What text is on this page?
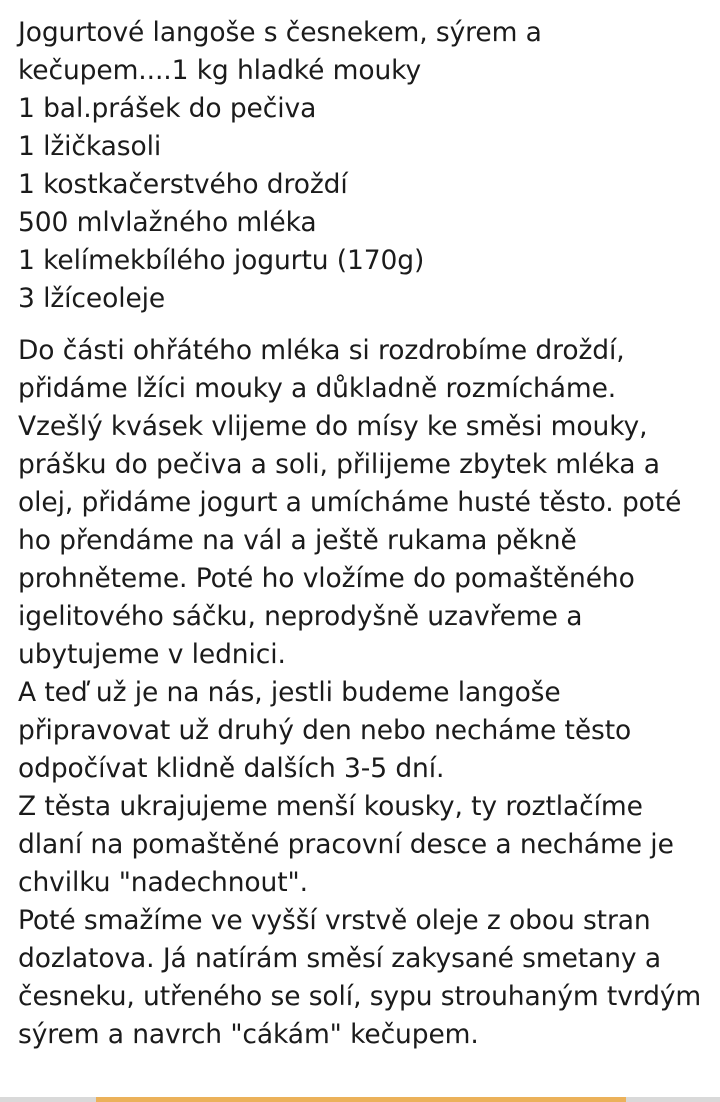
Jogurtové langoše s česnekem, sýrem a kečupem....1 kg hladké mouky

1 bal.prášek do pečiva

1 lžičkasoli

1 kostkačerstvého droždí

500 mlvlažného mléka

1 kelímekbílého jogurtu (170g)

3 lžíceoleje

Do části ohřátého mléka si rozdrobíme droždí, přidáme lžíci mouky a důkladně rozmícháme. Vzešlý kvásek vlijeme do mísy ke směsi mouky, prášku do pečiva a soli, přilijeme zbytek mléka a olej, přidáme jogurt a umícháme husté těsto. poté ho přendáme na vál a ještě rukama pěkně prohněteme. Poté ho vložíme do pomaštěného igelitového sáčku, neprodyšně uzavřeme a ubytujeme v lednici.

A teď už je na nás, jestli budeme langoše připravovat už druhý den nebo necháme těsto odpočívat klidně dalších 3-5 dní.

Z těsta ukrajujeme menší kousky, ty roztlačíme dlaní na pomaštěné pracovní desce a necháme je chvilku "nadechnout".

Poté smažíme ve vyšší vrstvě oleje z obou stran dozlatova. Já natírám směsí zakysané smetany a česneku, utřeného se solí, sypu strouhaným tvrdým sýrem a navrch "cákám" kečupem.
